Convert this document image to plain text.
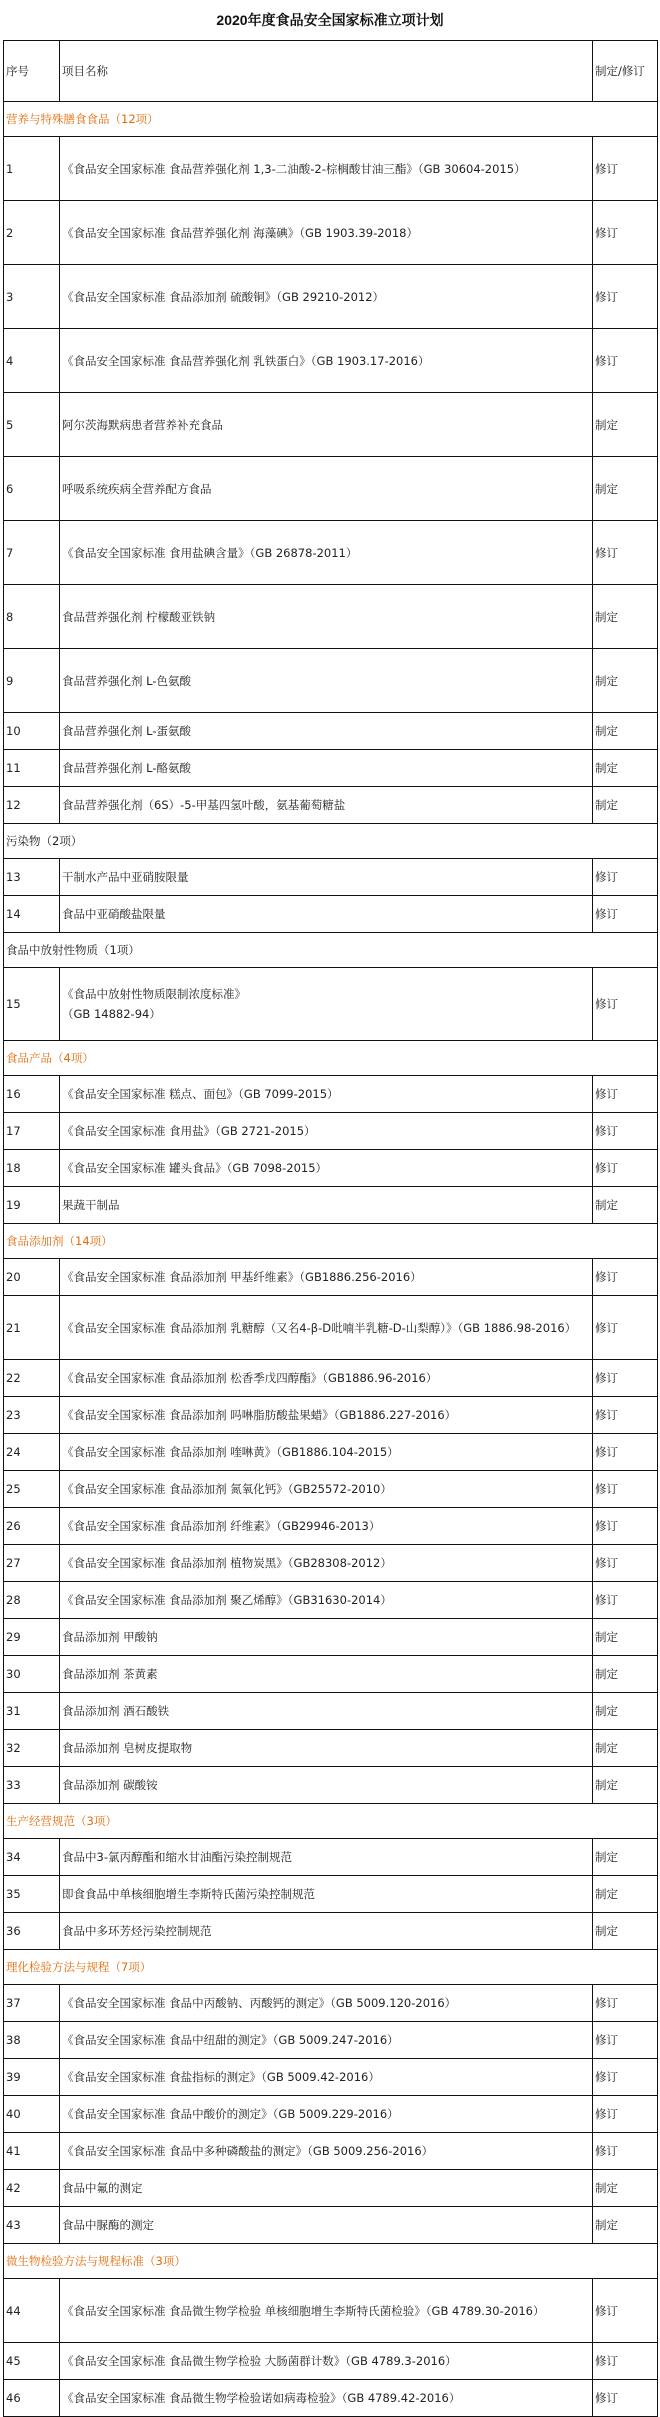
2020年度食品安全国家标准立项计划
序号	项目名称	制定/修订
营养与特殊膳食食品（12项）		
1	《食品安全国家标准 食品营养强化剂 1,3-二油酸-2-棕榈酸甘油三酯》（GB 30604-2015）	修订
2	《食品安全国家标准 食品营养强化剂 海藻碘》（GB 1903.39-2018）	修订
3	《食品安全国家标准 食品添加剂 硫酸铜》（GB 29210-2012）	修订
4	《食品安全国家标准 食品营养强化剂 乳铁蛋白》（GB 1903.17-2016）	修订
5	阿尔茨海默病患者营养补充食品	制定
6	呼吸系统疾病全营养配方食品	制定
7	《食品安全国家标准 食用盐碘含量》（GB 26878-2011）	修订
8	食品营养强化剂 柠檬酸亚铁钠	制定
9	食品营养强化剂 L-色氨酸	制定
10	食品营养强化剂 L-蛋氨酸	制定
11	食品营养强化剂 L-酪氨酸	制定
12	食品营养强化剂（6S）-5-甲基四氢叶酸，氨基葡萄糖盐	制定
污染物（2项）		
13	干制水产品中亚硝胺限量	修订
14	食品中亚硝酸盐限量	修订
食品中放射性物质（1项）		
15	《食品中放射性物质限制浓度标准》
（GB 14882-94）	修订
食品产品（4项）		
16	《食品安全国家标准 糕点、面包》（GB 7099-2015）	修订
17	《食品安全国家标准 食用盐》（GB 2721-2015）	修订
18	《食品安全国家标准 罐头食品》（GB 7098-2015）	修订
19	果蔬干制品	制定
食品添加剂（14项）		
20	《食品安全国家标准 食品添加剂 甲基纤维素》（GB1886.256-2016）	修订
21	《食品安全国家标准 食品添加剂 乳糖醇（又名4-β-D吡喃半乳糖-D-山梨醇）》（GB 1886.98-2016）	修订
22	《食品安全国家标准 食品添加剂 松香季戊四醇酯》（GB1886.96-2016）	修订
23	《食品安全国家标准 食品添加剂 吗啉脂肪酸盐果蜡》（GB1886.227-2016）	修订
24	《食品安全国家标准 食品添加剂 喹啉黄》（GB1886.104-2015）	修订
25	《食品安全国家标准 食品添加剂 氮氧化钙》（GB25572-2010）	修订
26	《食品安全国家标准 食品添加剂 纤维素》（GB29946-2013）	修订
27	《食品安全国家标准 食品添加剂 植物炭黑》（GB28308-2012）	修订
28	《食品安全国家标准 食品添加剂 聚乙烯醇》（GB31630-2014）	修订
29	食品添加剂 甲酸钠	制定
30	食品添加剂 茶黄素	制定
31	食品添加剂 酒石酸铁	制定
32	食品添加剂 皂树皮提取物	制定
33	食品添加剂 碳酸铵	制定
生产经营规范（3项）		
34	食品中3-氯丙醇酯和缩水甘油酯污染控制规范	制定
35	即食食品中单核细胞增生李斯特氏菌污染控制规范	制定
36	食品中多环芳烃污染控制规范	制定
理化检验方法与规程（7项）		
37	《食品安全国家标准 食品中丙酸钠、丙酸钙的测定》（GB 5009.120-2016）	修订
38	《食品安全国家标准 食品中纽甜的测定》（GB 5009.247-2016）	修订
39	《食品安全国家标准 食盐指标的测定》（GB 5009.42-2016）	修订
40	《食品安全国家标准 食品中酸价的测定》（GB 5009.229-2016）	修订
41	《食品安全国家标准 食品中多种磷酸盐的测定》（GB 5009.256-2016）	修订
42	食品中氟的测定	制定
43	食品中脲酶的测定	制定
微生物检验方法与规程标准（3项）		
44	《食品安全国家标准 食品微生物学检验 单核细胞增生李斯特氏菌检验》（GB 4789.30-2016）	修订
45	《食品安全国家标准 食品微生物学检验 大肠菌群计数》（GB 4789.3-2016）	修订
46	《食品安全国家标准 食品微生物学检验诺如病毒检验》（GB 4789.42-2016）	修订
